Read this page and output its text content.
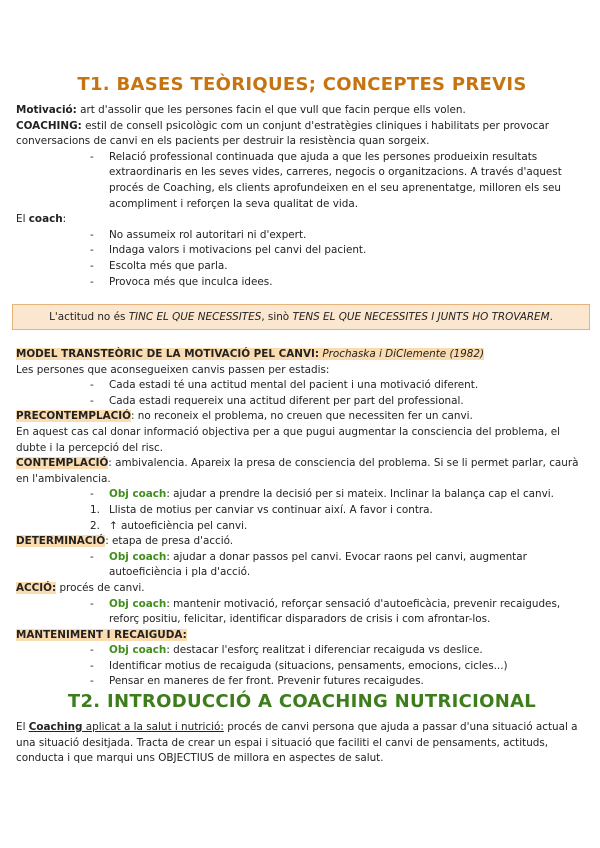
T1. BASES TEÒRIQUES; CONCEPTES PREVIS

Motivació: art d'assolir que les persones facin el que vull que facin perque ells volen.

COACHING: estil de consell psicològic com un conjunt d'estratègies cliniques i habilitats per provocar conversacions de canvi en els pacients per destruir la resistència quan sorgeix.

- Relació professional continuada que ajuda a que les persones produeixin resultats extraordinaris en les seves vides, carreres, negocis o organitzacions. A través d'aquest procés de Coaching, els clients aprofundeixen en el seu aprenentatge, milloren els seu acompliment i reforçen la seva qualitat de vida.

El coach:

- No assumeix rol autoritari ni d'expert.
- Indaga valors i motivacions pel canvi del pacient.
- Escolta més que parla.
- Provoca més que inculca idees.
L'actitud no és TINC EL QUE NECESSITES, sinò TENS EL QUE NECESSITES I JUNTS HO TROVAREM.

MODEL TRANSTEÒRIC DE LA MOTIVACIÓ PEL CANVI: Prochaska i DiClemente (1982)

Les persones que aconsegueixen canvis passen per estadis:

- Cada estadi té una actitud mental del pacient i una motivació diferent.
- Cada estadi requereix una actitud diferent per part del professional.

PRECONTEMPLACIÓ: no reconeix el problema, no creuen que necessiten fer un canvi.

En aquest cas cal donar informació objectiva per a que pugui augmentar la consciencia del problema, el dubte i la percepció del risc.

CONTEMPLACIÓ: ambivalencia. Apareix la presa de consciencia del problema. Si se li permet parlar, caurà en l'ambivalencia.

- Obj coach: ajudar a prendre la decisió per si mateix. Inclinar la balança cap el canvi.
1. Llista de motius per canviar vs continuar així. A favor i contra.
2. ↑ autoeficiència pel canvi.

DETERMINACIÓ: etapa de presa d'acció.

- Obj coach: ajudar a donar passos pel canvi. Evocar raons pel canvi, augmentar autoeficiència i pla d'acció.

ACCIÓ: procés de canvi.

- Obj coach: mantenir motivació, reforçar sensació d'autoeficàcia, prevenir recaigudes, reforç positiu, felicitar, identificar disparadors de crisis i com afrontar-los.

MANTENIMENT I RECAIGUDA:

- Obj coach: destacar l'esforç realitzat i diferenciar recaiguda vs deslice.
- Identificar motius de recaiguda (situacions, pensaments, emocions, cicles...)
- Pensar en maneres de fer front. Prevenir futures recaigudes.
T2. INTRODUCCIÓ A COACHING NUTRICIONAL

El Coaching aplicat a la salut i nutrició: procés de canvi persona que ajuda a passar d'una situació actual a una situació desitjada. Tracta de crear un espai i situació que faciliti el canvi de pensaments, actituds, conducta i que marqui uns OBJECTIUS de millora en aspectes de salut.
